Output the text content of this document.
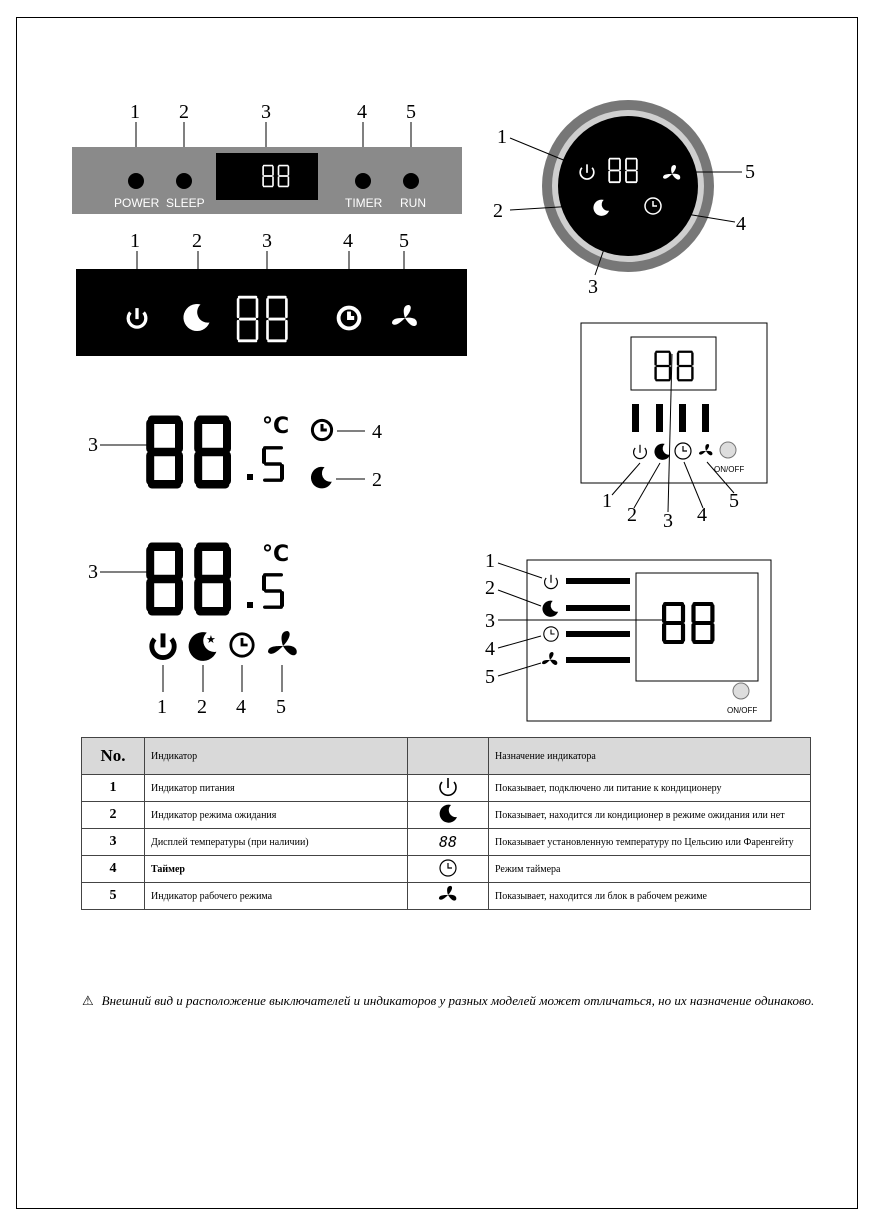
1 2	3	4 5
POWER SLEEP	TIMER RUN
1	2	3	4 5
★
1
2
3
4
5
ON/OFF
1
2 3 4
5
3
°C	4
2
3
°C
★
1 2 4 5	ON/OFF
1
2
3
4
5
No.	Индикатор		Назначение индикатора
1	Индикатор питания		Показывает, подключено ли питание к кондиционеру
2	Индикатор режима ожидания		Показывает, находится ли кондиционер в режиме ожидания или нет
3	Дисплей температуры (при наличии)	88	Показывает установленную температуру по Цельсию или Фаренгейту
4	Таймер		Режим таймера
5	Индикатор рабочего режима		Показывает, находится ли блок в рабочем режиме
⚠ Внешний вид и расположение выключателей и индикаторов у разных моделей может отличаться, но их назначение одинаково.
